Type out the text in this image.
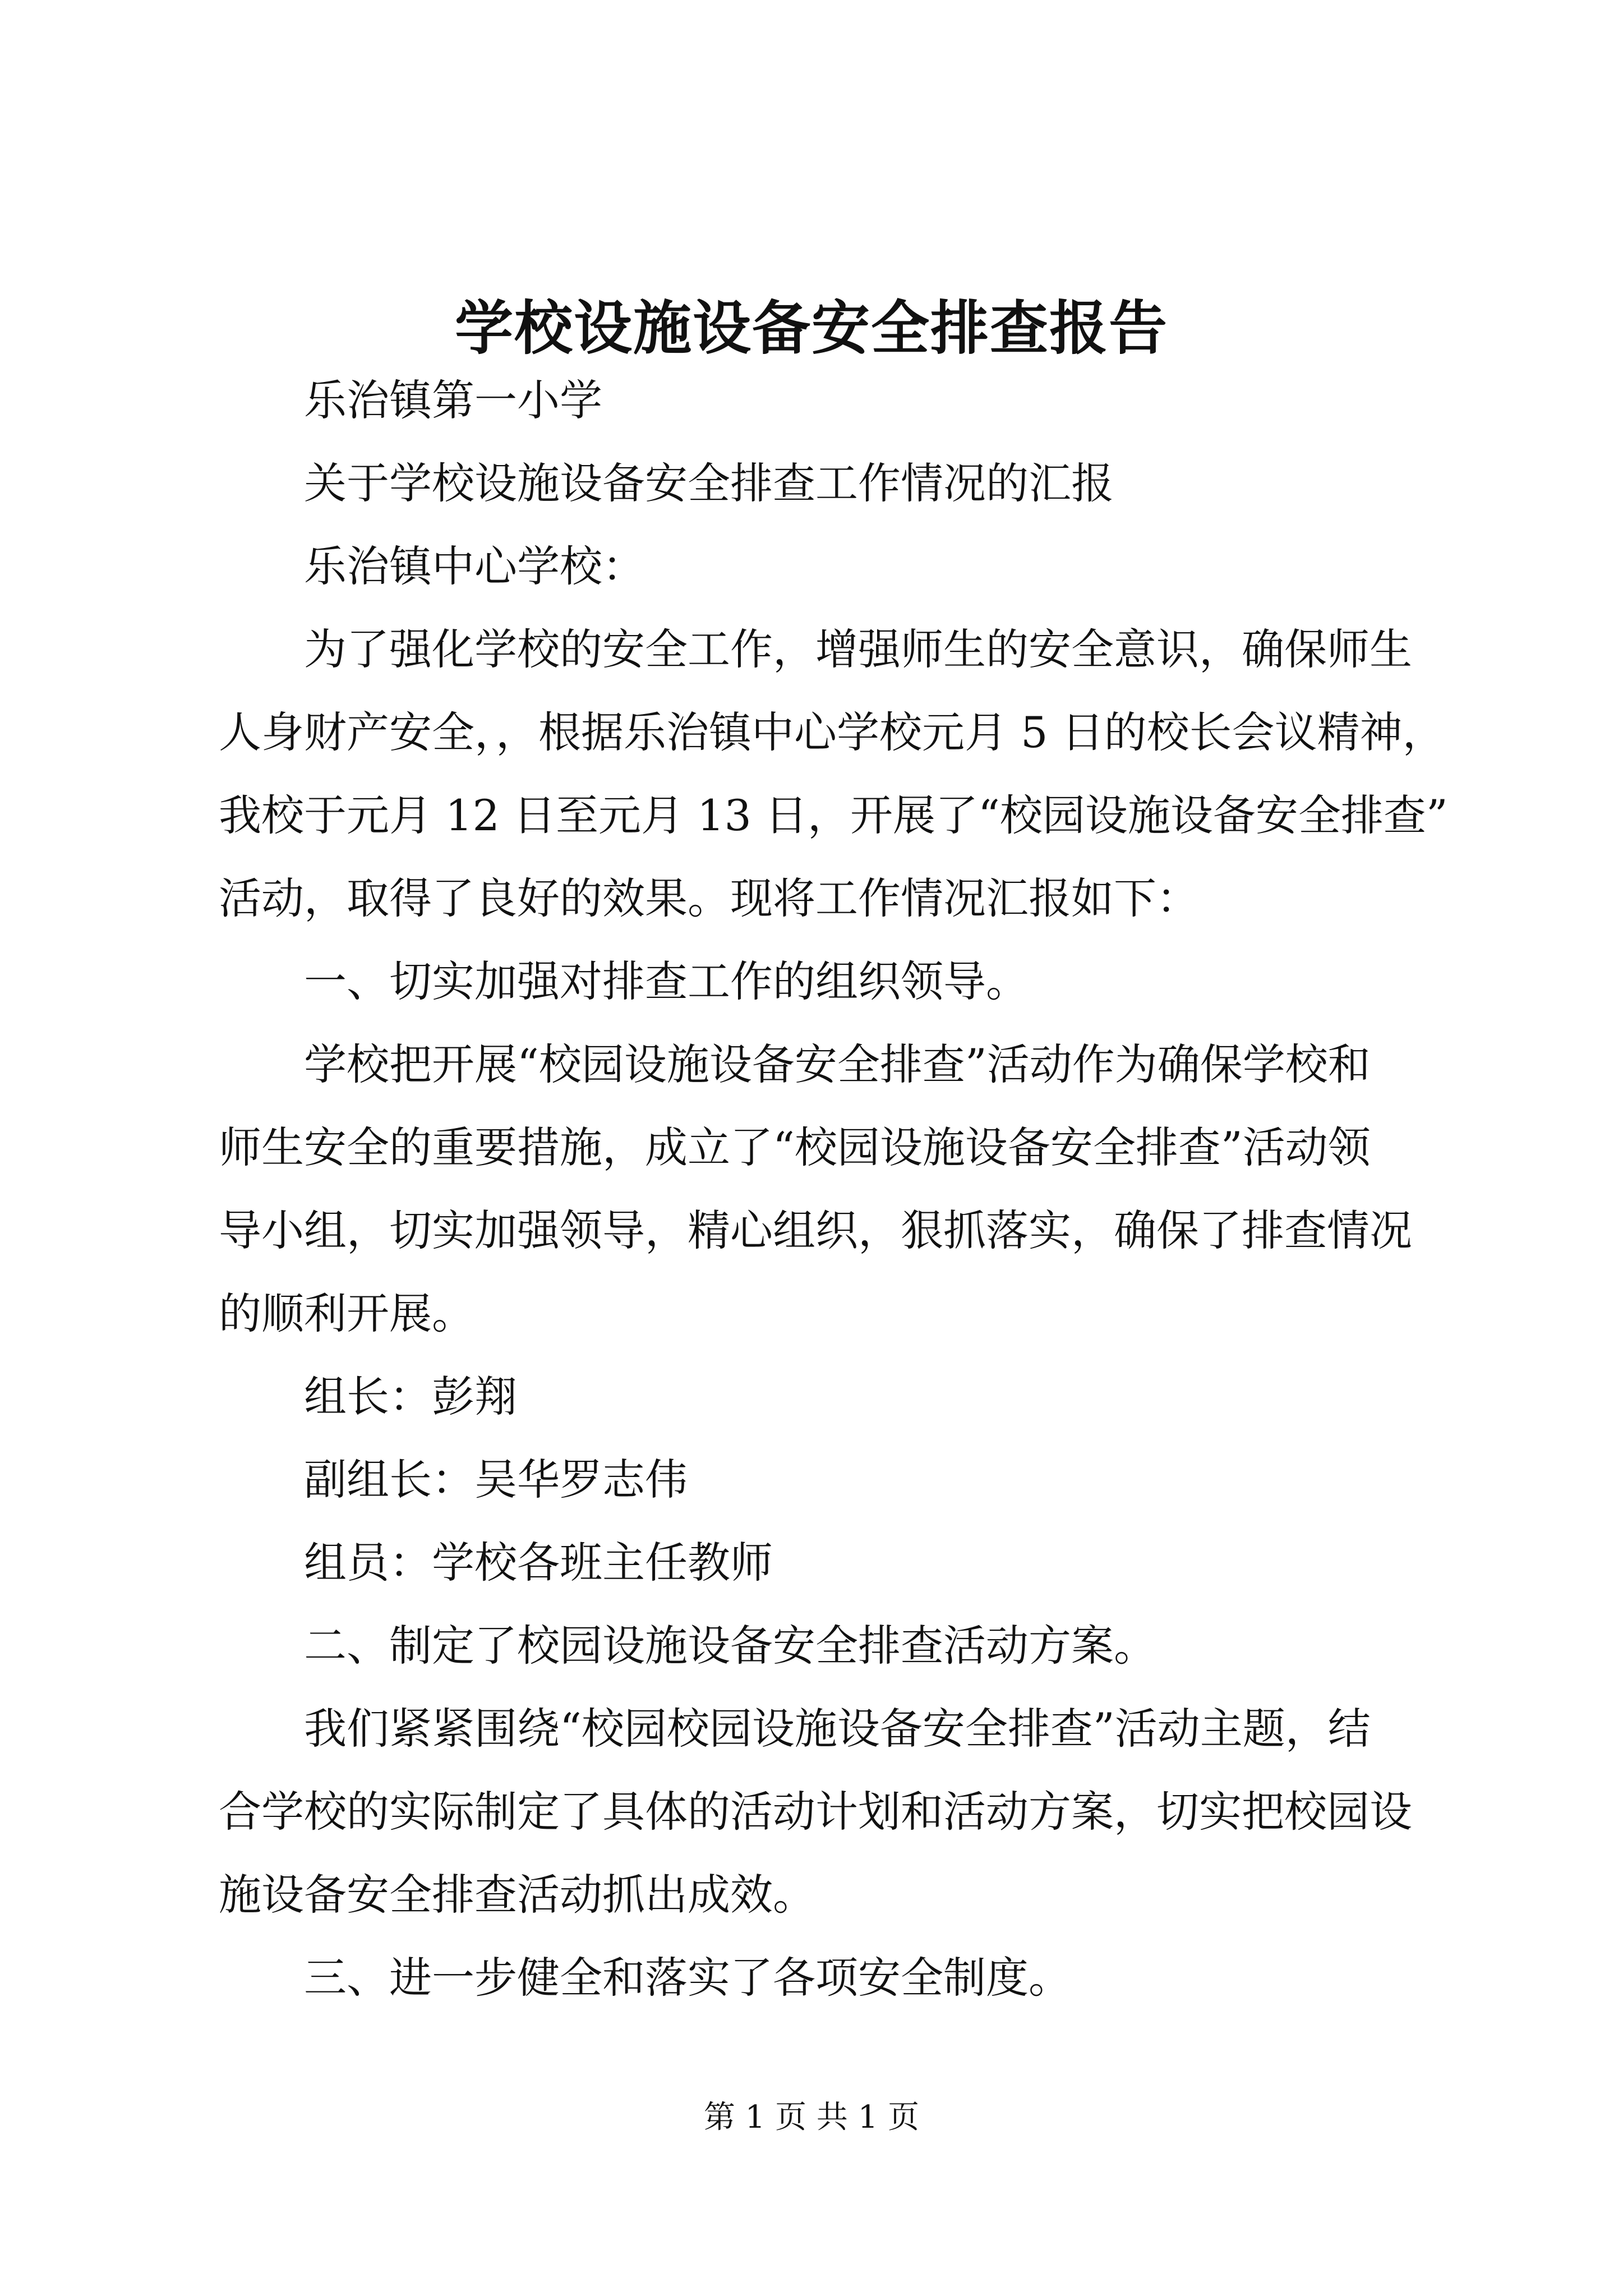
学校设施设备安全排查报告
乐治镇第一小学
关于学校设施设备安全排查工作情况的汇报
乐治镇中心学校：
为了强化学校的安全工作，增强师生的安全意识，确保师生
人身财产安全，，根据乐治镇中心学校元月 5 日的校长会议精神，
我校于元月 12 日至元月 13 日，开展了“校园设施设备安全排查”
活动，取得了良好的效果。现将工作情况汇报如下：
一、切实加强对排查工作的组织领导。
学校把开展“校园设施设备安全排查”活动作为确保学校和
师生安全的重要措施，成立了“校园设施设备安全排查”活动领
导小组，切实加强领导，精心组织，狠抓落实，确保了排查情况
的顺利开展。
组长：彭翔
副组长：吴华罗志伟
组员：学校各班主任教师
二、制定了校园设施设备安全排查活动方案。
我们紧紧围绕“校园校园设施设备安全排查”活动主题，结
合学校的实际制定了具体的活动计划和活动方案，切实把校园设
施设备安全排查活动抓出成效。
三、进一步健全和落实了各项安全制度。
第 1 页 共 1 页
